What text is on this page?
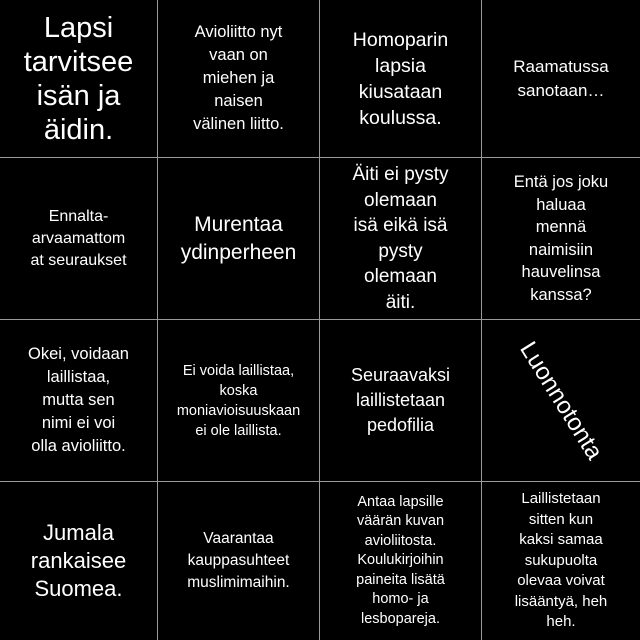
Lapsi
tarvitsee
isän ja
äidin.
Avioliitto nyt
vaan on
miehen ja
naisen
välinen liitto.
Homoparin
lapsia
kiusataan
koulussa.
Raamatussa
sanotaan…
Ennalta-
arvaamattom
at seuraukset
Murentaa
ydinperheen
Äiti ei pysty
olemaan
isä eikä isä
pysty
olemaan
äiti.
Entä jos joku
haluaa
mennä
naimisiin
hauvelinsa
kanssa?
Okei, voidaan
laillistaa,
mutta sen
nimi ei voi
olla avioliitto.
Ei voida laillistaa,
koska
moniavioisuuskaan
ei ole laillista.
Seuraavaksi
laillistetaan
pedofilia	Luonnotonta
Jumala
rankaisee
Suomea.
Vaarantaa
kauppasuhteet
muslimimaihin.
Antaa lapsille
väärän kuvan
avioliitosta.
Koulukirjoihin
paineita lisätä
homo- ja
lesbopareja.
Laillistetaan
sitten kun
kaksi samaa
sukupuolta
olevaa voivat
lisääntyä, heh
heh.
